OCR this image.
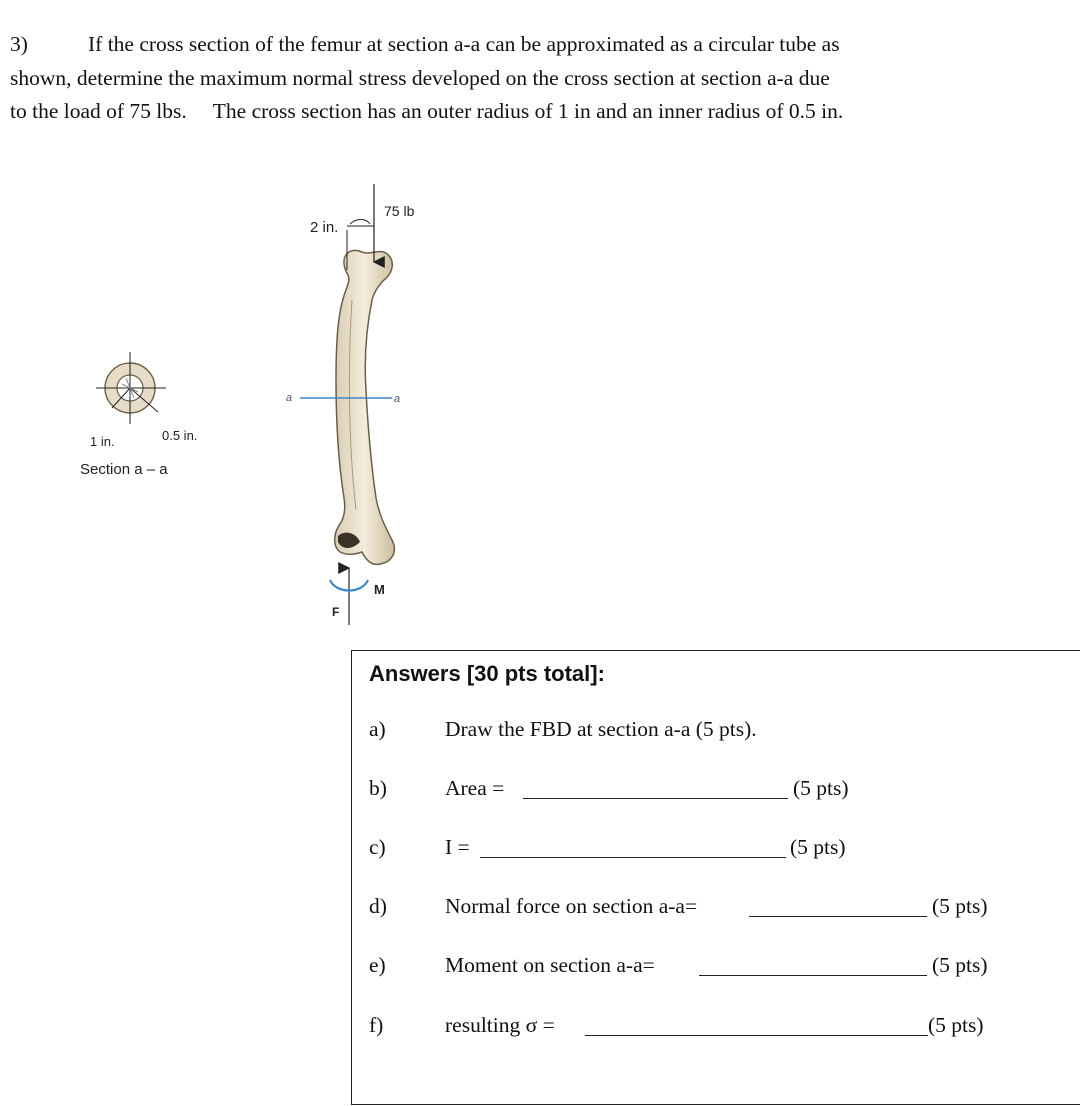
3)	If the cross section of the femur at section a-a can be approximated as a circular tube as
shown, determine the maximum normal stress developed on the cross section at section a-a due
to the load of 75 lbs. The cross section has an outer radius of 1 in and an inner radius of 0.5 in.
75 lb
2 in.
a	a
M
F
0.5 in.
1 in.
Section a – a
Answers [30 pts total]:
a)	Draw the FBD at section a-a (5 pts).
b)	Area =	(5 pts)
c)	I =	(5 pts)
d)	Normal force on section a-a=	(5 pts)
e)	Moment on section a-a=	(5 pts)
f)	resulting σ =	(5 pts)
